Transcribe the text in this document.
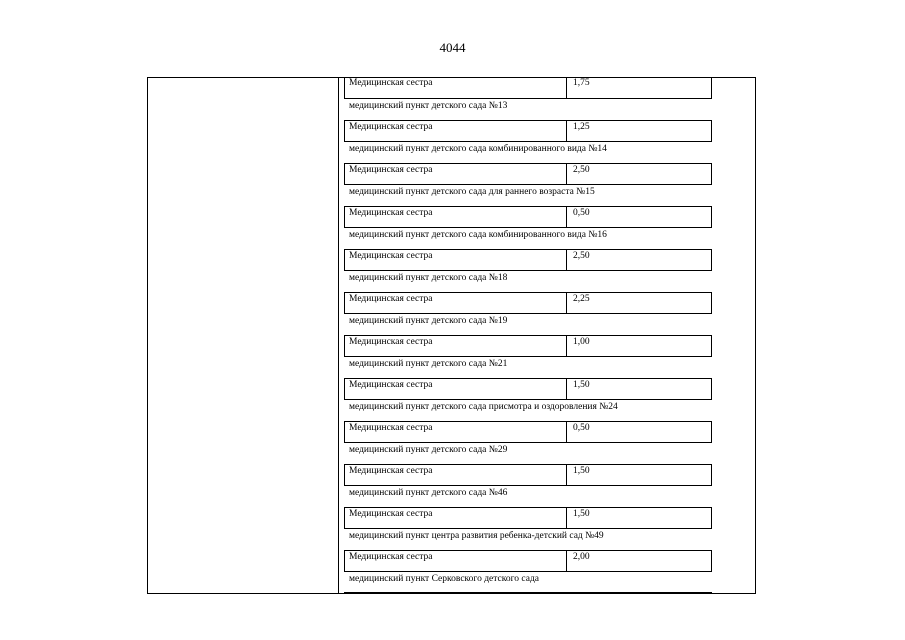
4044
Медицинская сестра	1,75
медицинский пункт детского сада №13
Медицинская сестра	1,25
медицинский пункт детского сада комбинированного вида №14
Медицинская сестра	2,50
медицинский пункт детского сада для раннего возраста №15
Медицинская сестра	0,50
медицинский пункт детского сада комбинированного вида №16
Медицинская сестра	2,50
медицинский пункт детского сада №18
Медицинская сестра	2,25
медицинский пункт детского сада №19
Медицинская сестра	1,00
медицинский пункт детского сада №21
Медицинская сестра	1,50
медицинский пункт детского сада присмотра и оздоровления №24
Медицинская сестра	0,50
медицинский пункт детского сада №29
Медицинская сестра	1,50
медицинский пункт детского сада №46
Медицинская сестра	1,50
медицинский пункт центра развития ребенка-детский сад №49
Медицинская сестра	2,00
медицинский пункт Серковского детского сада
